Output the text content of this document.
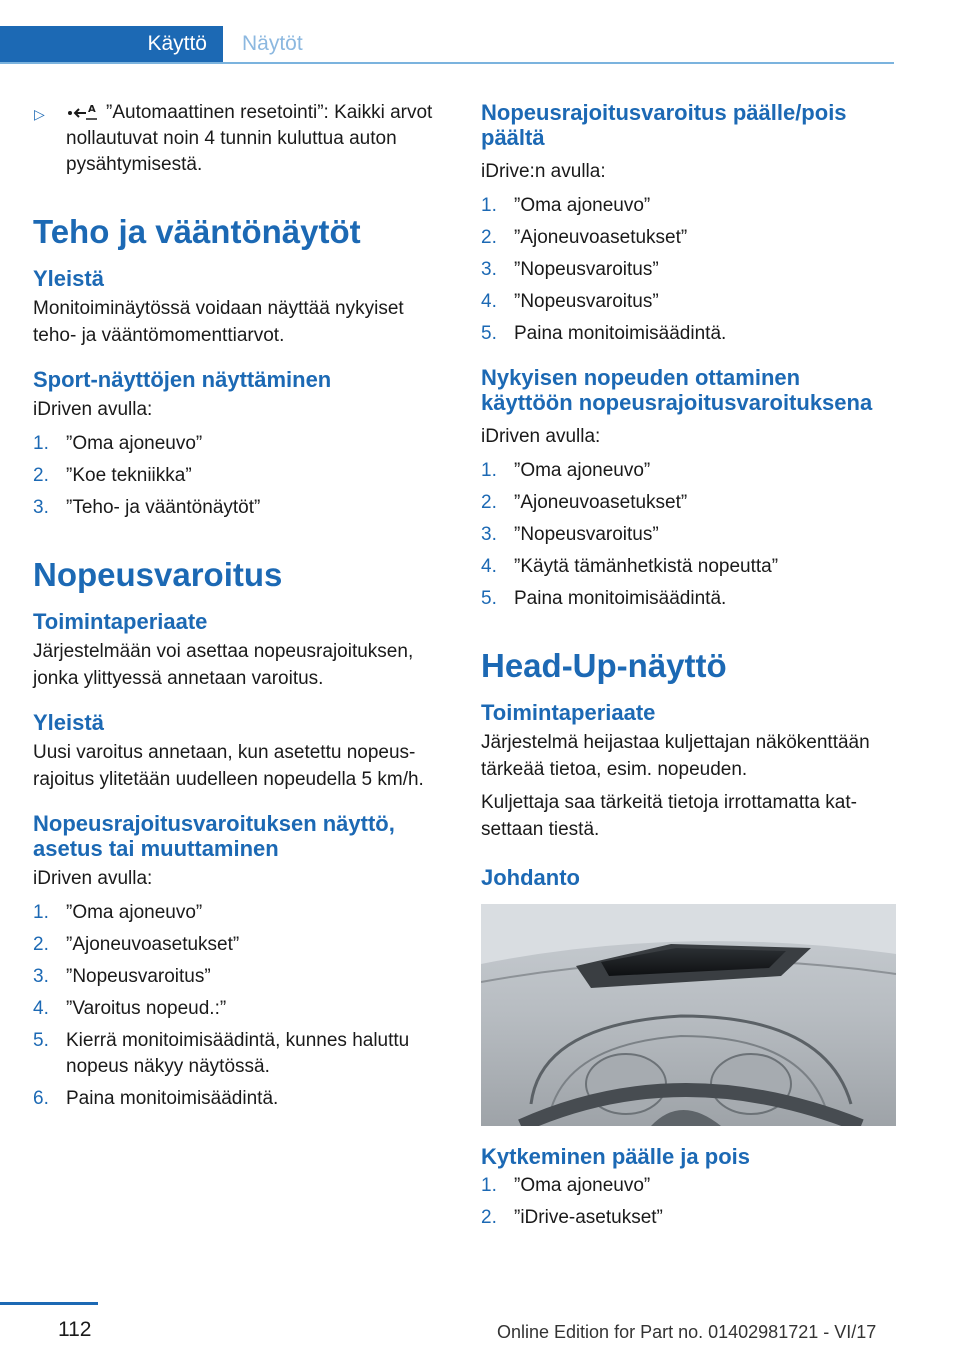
Käyttö	Näytöt
▷	A ”Automaattinen resetointi”: Kaikki arvot nollautuvat noin 4 tunnin kuluttua auton pysähtymisestä.
Teho ja vääntönäytöt
Yleistä

Monitoiminäytössä voidaan näyttää nykyiset teho- ja vääntömomenttiarvot.

Sport-näyttöjen näyttäminen

iDriven avulla:

1. ”Oma ajoneuvo”
2. ”Koe tekniikka”
3. ”Teho- ja vääntönäytöt”
Nopeusvaroitus
Toimintaperiaate

Järjestelmään voi asettaa nopeusrajoituksen, jonka ylittyessä annetaan varoitus.

Yleistä

Uusi varoitus annetaan, kun asetettu nopeusrajoitus ylitetään uudelleen nopeudella 5 km/h.

Nopeusrajoitusvaroituksen näyttö, asetus tai muuttaminen

iDriven avulla:

1. ”Oma ajoneuvo”
2. ”Ajoneuvoasetukset”
3. ”Nopeusvaroitus”
4. ”Varoitus nopeud.:”
5. Kierrä monitoimisäädintä, kunnes haluttu nopeus näkyy näytössä.
6. Paina monitoimisäädintä.
Nopeusrajoitusvaroitus päälle/pois päältä

iDrive:n avulla:

1. ”Oma ajoneuvo”
2. ”Ajoneuvoasetukset”
3. ”Nopeusvaroitus”
4. ”Nopeusvaroitus”
5. Paina monitoimisäädintä.
Nykyisen nopeuden ottaminen käyttöön nopeusrajoitusvaroituksena

iDriven avulla:

1. ”Oma ajoneuvo”
2. ”Ajoneuvoasetukset”
3. ”Nopeusvaroitus”
4. ”Käytä tämänhetkistä nopeutta”
5. Paina monitoimisäädintä.
Head-Up-näyttö
Toimintaperiaate

Järjestelmä heijastaa kuljettajan näkökenttään tärkeää tietoa, esim. nopeuden.

Kuljettaja saa tärkeitä tietoja irrottamatta katsettaan tiestä.

Johdanto
Kytkeminen päälle ja pois
1. ”Oma ajoneuvo”
2. ”iDrive-asetukset”
112	Online Edition for Part no. 01402981721 - VI/17
